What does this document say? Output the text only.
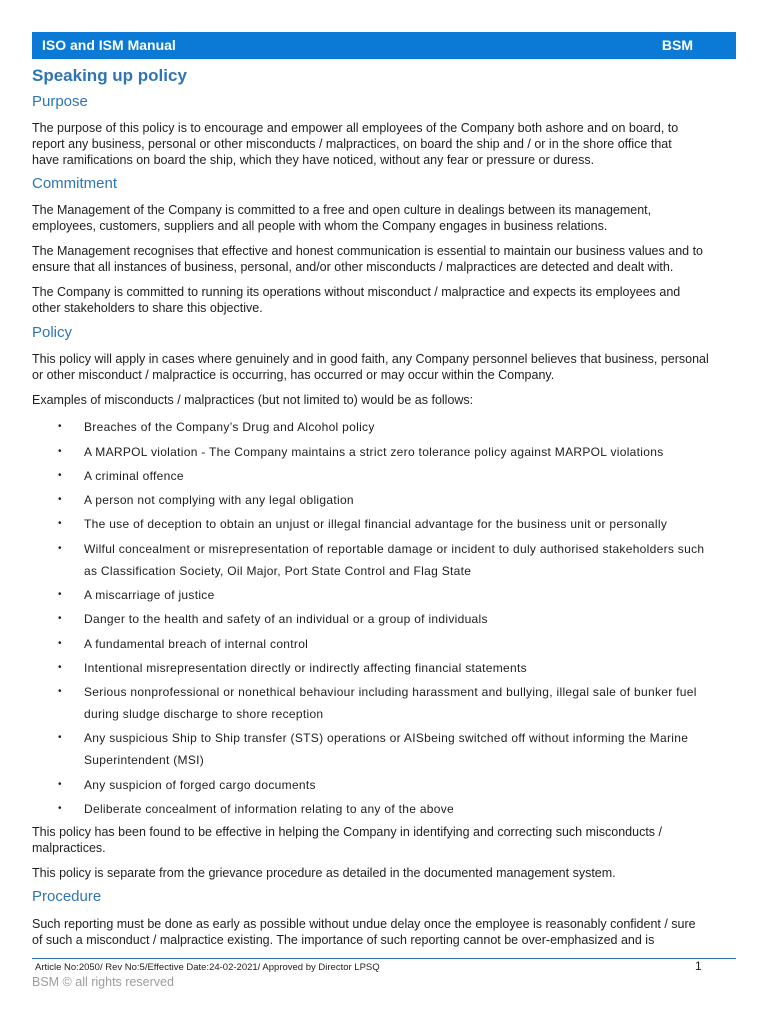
ISO and ISM Manual	BSM
Speaking up policy
Purpose
The purpose of this policy is to encourage and empower all employees of the Company both ashore and on board, to
report any business, personal or other misconducts / malpractices, on board the ship and / or in the shore office that
have ramifications on board the ship, which they have noticed, without any fear or pressure or duress.
Commitment
The Management of the Company is committed to a free and open culture in dealings between its management,
employees, customers, suppliers and all people with whom the Company engages in business relations.
The Management recognises that effective and honest communication is essential to maintain our business values and to
ensure that all instances of business, personal, and/or other misconducts / malpractices are detected and dealt with.
The Company is committed to running its operations without misconduct / malpractice and expects its employees and
other stakeholders to share this objective.
Policy
This policy will apply in cases where genuinely and in good faith, any Company personnel believes that business, personal
or other misconduct / malpractice is occurring, has occurred or may occur within the Company.
Examples of misconducts / malpractices (but not limited to) would be as follows:
• Breaches of the Company’s Drug and Alcohol policy
• A MARPOL violation - The Company maintains a strict zero tolerance policy against MARPOL violations
• A criminal offence
• A person not complying with any legal obligation
• The use of deception to obtain an unjust or illegal financial advantage for the business unit or personally
• Wilful concealment or misrepresentation of reportable damage or incident to duly authorised stakeholders such
as Classification Society, Oil Major, Port State Control and Flag State
• A miscarriage of justice
• Danger to the health and safety of an individual or a group of individuals
• A fundamental breach of internal control
• Intentional misrepresentation directly or indirectly affecting financial statements
• Serious nonprofessional or nonethical behaviour including harassment and bullying, illegal sale of bunker fuel
during sludge discharge to shore reception
• Any suspicious Ship to Ship transfer (STS) operations or AISbeing switched off without informing the Marine
Superintendent (MSI)
• Any suspicion of forged cargo documents
• Deliberate concealment of information relating to any of the above
This policy has been found to be effective in helping the Company in identifying and correcting such misconducts /
malpractices.
This policy is separate from the grievance procedure as detailed in the documented management system.
Procedure
Such reporting must be done as early as possible without undue delay once the employee is reasonably confident / sure
of such a misconduct / malpractice existing. The importance of such reporting cannot be over-emphasized and is
Article No:2050/ Rev No:5/Effective Date:24-02-2021/ Approved by Director LPSQ	1
BSM © all rights reserved
